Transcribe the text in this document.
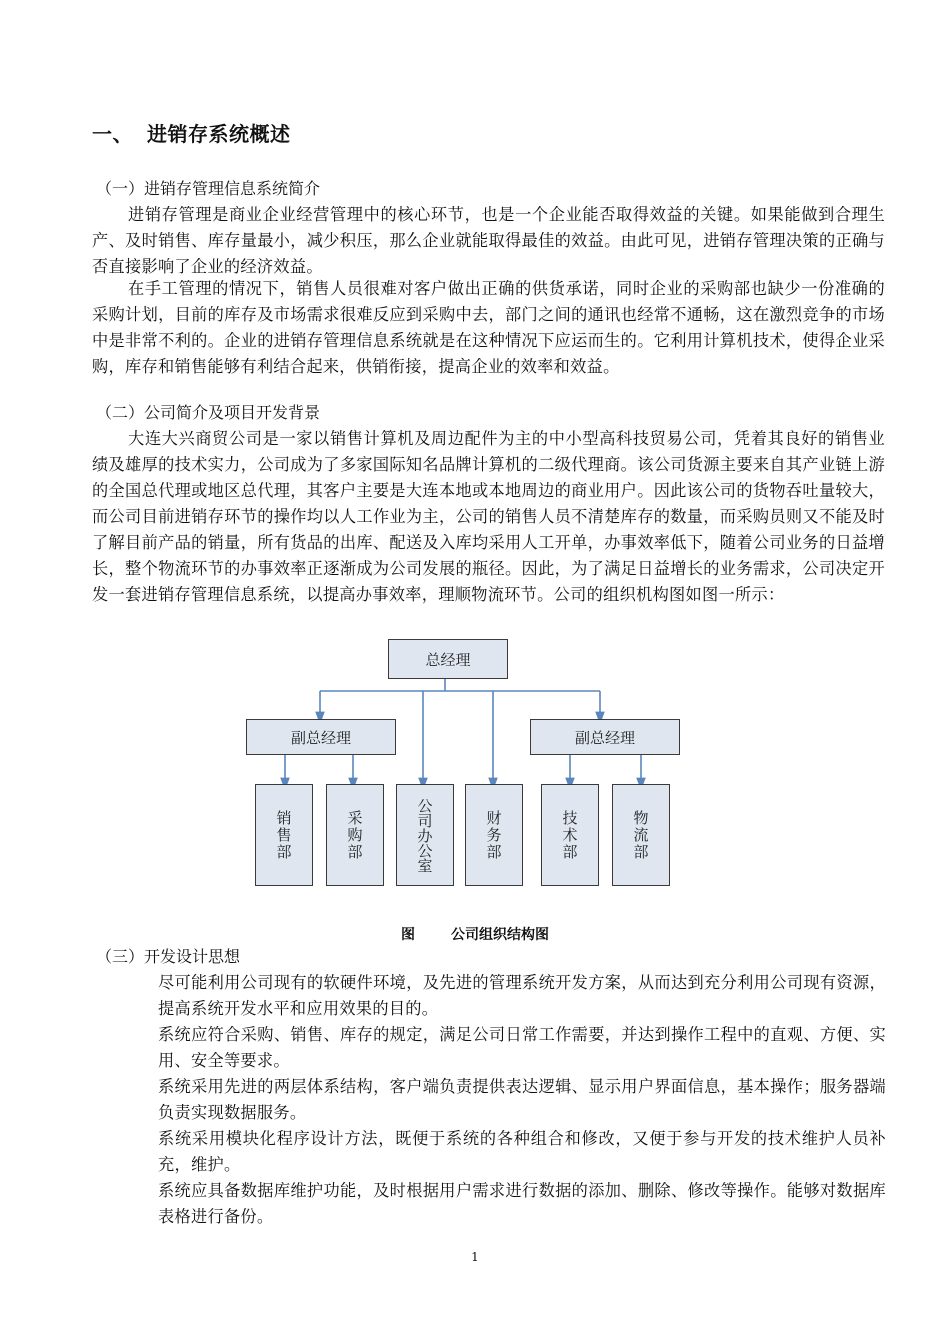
一、 进销存系统概述
（一）进销存管理信息系统简介
进销存管理是商业企业经营管理中的核心环节，也是一个企业能否取得效益的关键。如果能做到合理生产、及时销售、库存量最小，减少积压，那么企业就能取得最佳的效益。由此可见，进销存管理决策的正确与否直接影响了企业的经济效益。
在手工管理的情况下，销售人员很难对客户做出正确的供货承诺，同时企业的采购部也缺少一份准确的采购计划，目前的库存及市场需求很难反应到采购中去，部门之间的通讯也经常不通畅，这在激烈竞争的市场中是非常不利的。企业的进销存管理信息系统就是在这种情况下应运而生的。它利用计算机技术，使得企业采购，库存和销售能够有利结合起来，供销衔接，提高企业的效率和效益。
（二）公司简介及项目开发背景
大连大兴商贸公司是一家以销售计算机及周边配件为主的中小型高科技贸易公司，凭着其良好的销售业绩及雄厚的技术实力，公司成为了多家国际知名品牌计算机的二级代理商。该公司货源主要来自其产业链上游的全国总代理或地区总代理，其客户主要是大连本地或本地周边的商业用户。因此该公司的货物吞吐量较大，而公司目前进销存环节的操作均以人工作业为主，公司的销售人员不清楚库存的数量，而采购员则又不能及时了解目前产品的销量，所有货品的出库、配送及入库均采用人工开单，办事效率低下，随着公司业务的日益增长，整个物流环节的办事效率正逐渐成为公司发展的瓶径。因此，为了满足日益增长的业务需求，公司决定开发一套进销存管理信息系统，以提高办事效率，理顺物流环节。公司的组织机构图如图一所示：
总经理
副总经理	副总经理
销售部	采购部	公司办公室	财务部	技术部	物流部
图	公司组织结构图
（三）开发设计思想
尽可能利用公司现有的软硬件环境，及先进的管理系统开发方案，从而达到充分利用公司现有资源，提高系统开发水平和应用效果的目的。
系统应符合采购、销售、库存的规定，满足公司日常工作需要，并达到操作工程中的直观、方便、实用、安全等要求。
系统采用先进的两层体系结构，客户端负责提供表达逻辑、显示用户界面信息，基本操作；服务器端负责实现数据服务。
系统采用模块化程序设计方法，既便于系统的各种组合和修改，又便于参与开发的技术维护人员补充，维护。
系统应具备数据库维护功能，及时根据用户需求进行数据的添加、删除、修改等操作。能够对数据库表格进行备份。
1
